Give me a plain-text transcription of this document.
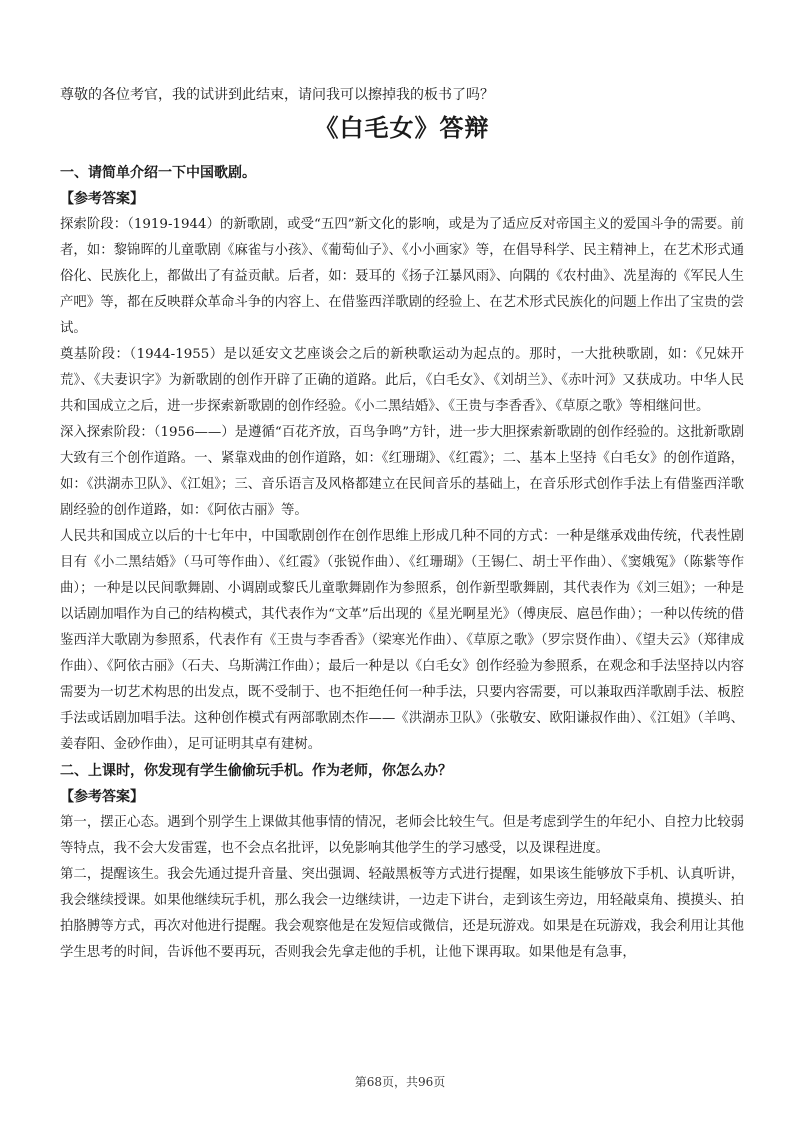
尊敬的各位考官，我的试讲到此结束，请问我可以擦掉我的板书了吗？

《白毛女》答辩

一、请简单介绍一下中国歌剧。

【参考答案】

探索阶段：（1919-1944）的新歌剧，或受“五四”新文化的影响，或是为了适应反对帝国主义的爱国斗争的需要。前者，如：黎锦晖的儿童歌剧《麻雀与小孩》、《葡萄仙子》、《小小画家》等，在倡导科学、民主精神上，在艺术形式通俗化、民族化上，都做出了有益贡献。后者，如：聂耳的《扬子江暴风雨》、向隅的《农村曲》、冼星海的《军民人生产吧》等，都在反映群众革命斗争的内容上、在借鉴西洋歌剧的经验上、在艺术形式民族化的问题上作出了宝贵的尝试。

奠基阶段：（1944-1955）是以延安文艺座谈会之后的新秧歌运动为起点的。那时，一大批秧歌剧，如：《兄妹开荒》、《夫妻识字》为新歌剧的创作开辟了正确的道路。此后，《白毛女》、《刘胡兰》、《赤叶河》又获成功。中华人民共和国成立之后，进一步探索新歌剧的创作经验。《小二黑结婚》、《王贵与李香香》、《草原之歌》等相继问世。

深入探索阶段：（1956——）是遵循“百花齐放，百鸟争鸣”方针，进一步大胆探索新歌剧的创作经验的。这批新歌剧大致有三个创作道路。一、紧靠戏曲的创作道路，如：《红珊瑚》、《红霞》；二、基本上坚持《白毛女》的创作道路，如：《洪湖赤卫队》、《江姐》；三、音乐语言及风格都建立在民间音乐的基础上，在音乐形式创作手法上有借鉴西洋歌剧经验的创作道路，如：《阿依古丽》等。

人民共和国成立以后的十七年中，中国歌剧创作在创作思维上形成几种不同的方式：一种是继承戏曲传统，代表性剧目有《小二黑结婚》（马可等作曲）、《红霞》（张锐作曲）、《红珊瑚》（王锡仁、胡士平作曲）、《窦娥冤》（陈紫等作曲）；一种是以民间歌舞剧、小调剧或黎氏儿童歌舞剧作为参照系，创作新型歌舞剧，其代表作为《刘三姐》；一种是以话剧加唱作为自己的结构模式，其代表作为“文革”后出现的《星光啊星光》（傅庚辰、扈邑作曲）；一种以传统的借鉴西洋大歌剧为参照系，代表作有《王贵与李香香》（梁寒光作曲）、《草原之歌》（罗宗贤作曲）、《望夫云》（郑律成作曲）、《阿依古丽》（石夫、乌斯满江作曲）；最后一种是以《白毛女》创作经验为参照系，在观念和手法坚持以内容需要为一切艺术构思的出发点，既不受制于、也不拒绝任何一种手法，只要内容需要，可以兼取西洋歌剧手法、板腔手法或话剧加唱手法。这种创作模式有两部歌剧杰作——《洪湖赤卫队》（张敬安、欧阳谦叔作曲）、《江姐》（羊鸣、姜春阳、金砂作曲），足可证明其卓有建树。

二、上课时，你发现有学生偷偷玩手机。作为老师，你怎么办？

【参考答案】

第一，摆正心态。遇到个别学生上课做其他事情的情况，老师会比较生气。但是考虑到学生的年纪小、自控力比较弱等特点，我不会大发雷霆，也不会点名批评，以免影响其他学生的学习感受，以及课程进度。

第二，提醒该生。我会先通过提升音量、突出强调、轻敲黑板等方式进行提醒，如果该生能够放下手机、认真听讲，我会继续授课。如果他继续玩手机，那么我会一边继续讲，一边走下讲台，走到该生旁边，用轻敲桌角、摸摸头、拍拍胳膊等方式，再次对他进行提醒。我会观察他是在发短信或微信，还是玩游戏。如果是在玩游戏，我会利用让其他学生思考的时间，告诉他不要再玩，否则我会先拿走他的手机，让他下课再取。如果他是有急事，

第68页，共96页
